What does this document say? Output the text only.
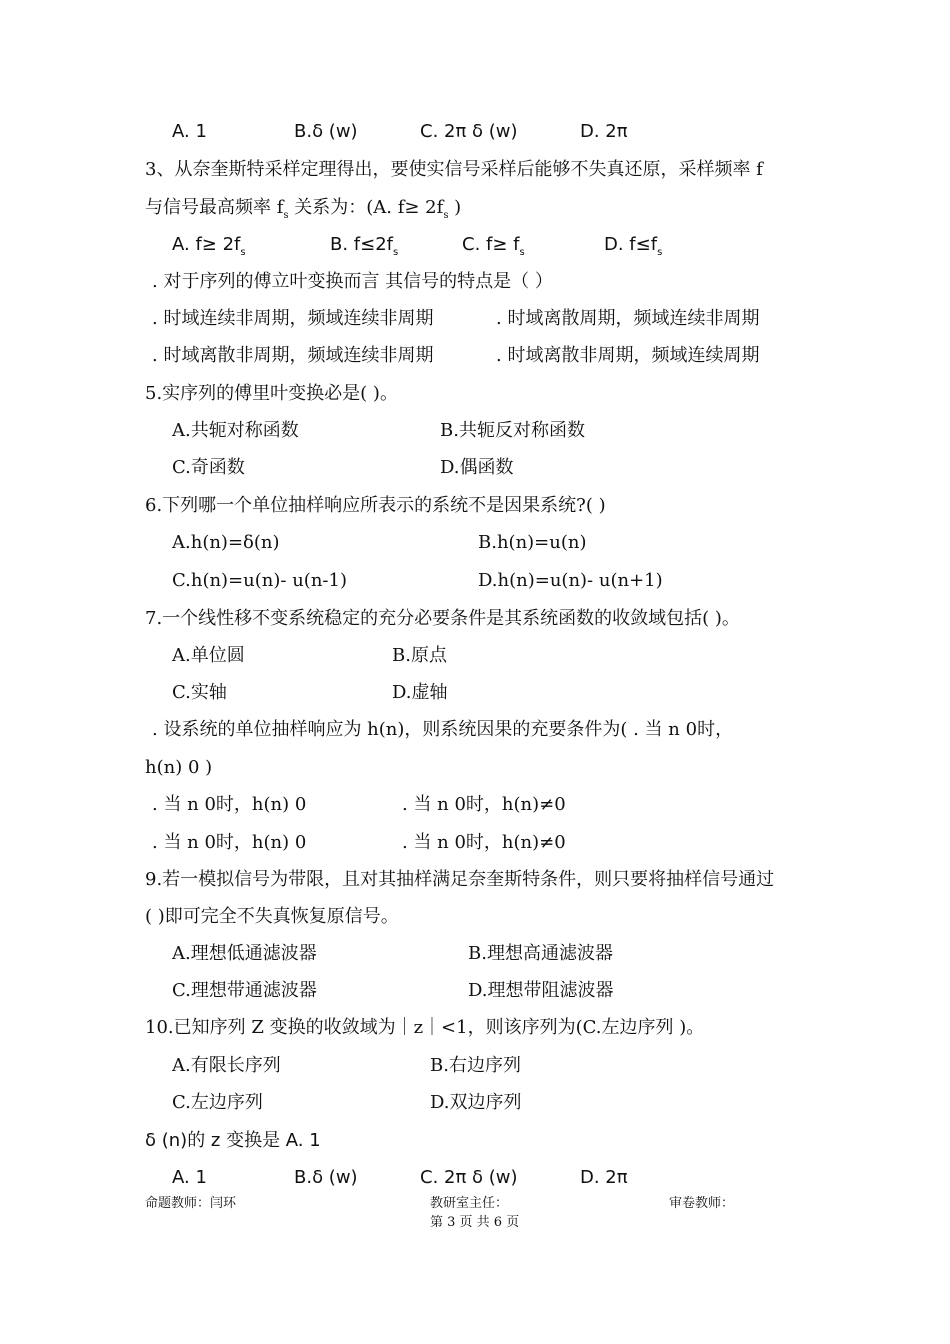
A. 1	B.δ (w)	C. 2π δ (w)	D. 2π
3、从奈奎斯特采样定理得出，要使实信号采样后能够不失真还原，采样频率 f
与信号最高频率 $f_s$ 关系为：(A. $f\ge 2f_s$ )
A. $f\ge 2f_s$	B. $f\le 2f_s$	C. $f\ge f_s$	D. $f\le f_s$
. 对于序列的傅立叶变换而言 其信号的特点是（ ）
. 时域连续非周期，频域连续非周期	. 时域离散周期，频域连续非周期
. 时域离散非周期，频域连续非周期	. 时域离散非周期，频域连续周期
5.实序列的傅里叶变换必是( )。
A.共轭对称函数	B.共轭反对称函数
C.奇函数	D.偶函数
6.下列哪一个单位抽样响应所表示的系统不是因果系统?( )
A.h(n)=δ(n)	B.h(n)=u(n)
C.h(n)=u(n)- u(n-1)	D.h(n)=u(n)- u(n+1)
7.一个线性移不变系统稳定的充分必要条件是其系统函数的收敛域包括( )。
A.单位圆	B.原点
C.实轴	D.虚轴
. 设系统的单位抽样响应为 h(n)，则系统因果的充要条件为( . 当 n 0时，
h(n) 0 )
. 当 n 0时，h(n) 0	. 当 n 0时，h(n)≠0
. 当 n 0时，h(n) 0	. 当 n 0时，h(n)≠0
9.若一模拟信号为带限，且对其抽样满足奈奎斯特条件，则只要将抽样信号通过
( )即可完全不失真恢复原信号。
A.理想低通滤波器	B.理想高通滤波器
C.理想带通滤波器	D.理想带阻滤波器
10.已知序列 Z 变换的收敛域为｜z｜<1，则该序列为(C.左边序列 )。
A.有限长序列	B.右边序列
C.左边序列	D.双边序列
δ (n)的 z 变换是 A. 1
A. 1	B.δ (w)	C. 2π δ (w)	D. 2π
命题教师：闫环	教研室主任：	审卷教师：
第 3 页 共 6 页
